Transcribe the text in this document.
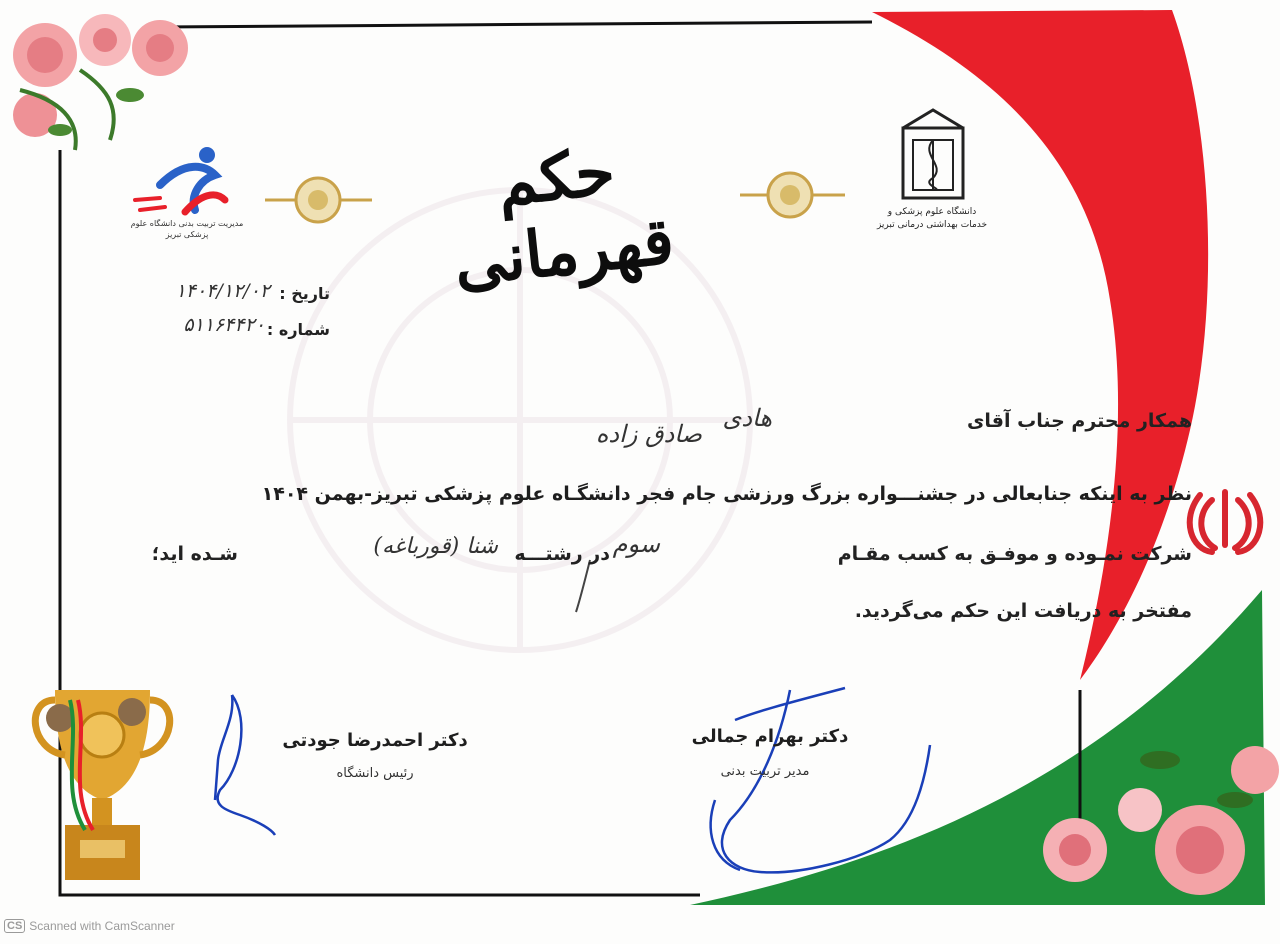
دانشگاه علوم پزشکی و خدمات بهداشتی درمانی تبریز
مدیریت تربیت بدنی دانشگاه علوم پزشکی تبریز
حکم قهرمانی
تاریخ :
۱۴۰۴/۱۲/۰۲
شماره :
۵۱۱۶۴۴۲۰
همکار محترم جناب آقای
هادی
صادق زاده
نظر به اینکه جنابعالی در جشنـــواره بزرگ ورزشی جام فجر دانشگـاه علوم پزشکی تبریز-بهمن ۱۴۰۴
شرکت نمـوده و موفـق به کسب مقـام
سوم
در رشتـــه
شنا (قورباغه)
شـده اید؛
مفتخر به دریافت این حکم می‌گردید.
دکتر بهرام جمالی
مدیر تربیت بدنی
دکتر احمدرضا جودتی
رئیس دانشگاه
CS Scanned with CamScanner
